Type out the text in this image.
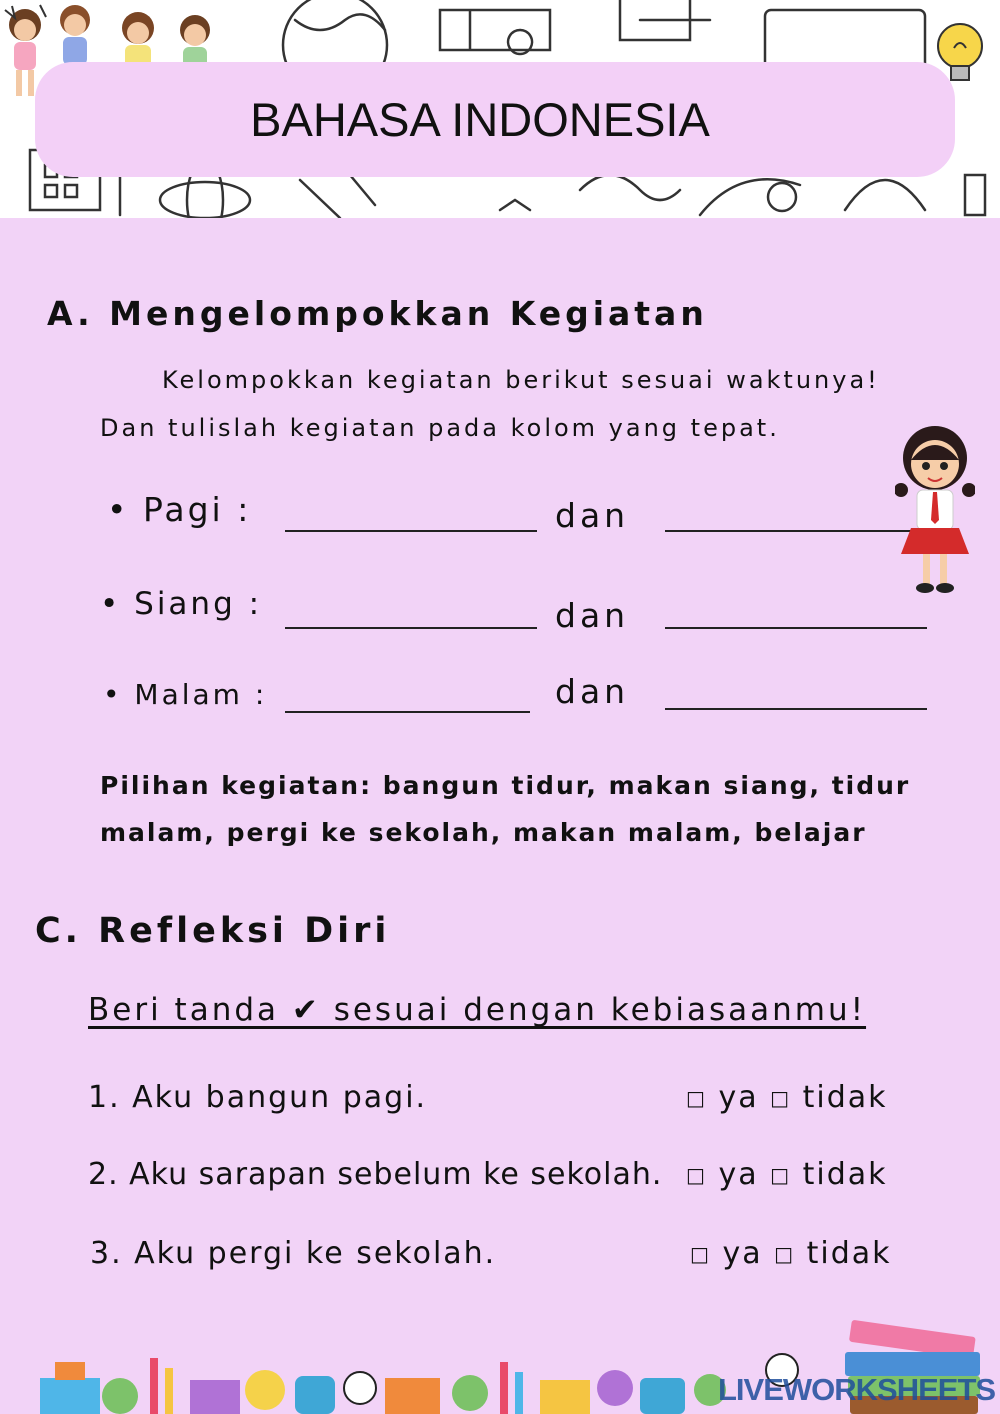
BAHASA INDONESIA
A. Mengelompokkan Kegiatan
Kelompokkan kegiatan berikut sesuai waktunya!
Dan tulislah kegiatan pada kolom yang tepat.
• Pagi :	dan
• Siang :	dan
• Malam :	dan
Pilihan kegiatan: bangun tidur, makan siang, tidur
malam, pergi ke sekolah, makan malam, belajar
C. Refleksi Diri
Beri tanda ✔ sesuai dengan kebiasaanmu!
1. Aku bangun pagi.	□ ya □ tidak
2. Aku sarapan sebelum ke sekolah. □ ya □ tidak
3. Aku pergi ke sekolah.	□ ya □ tidak
LIVEWORKSHEETS
